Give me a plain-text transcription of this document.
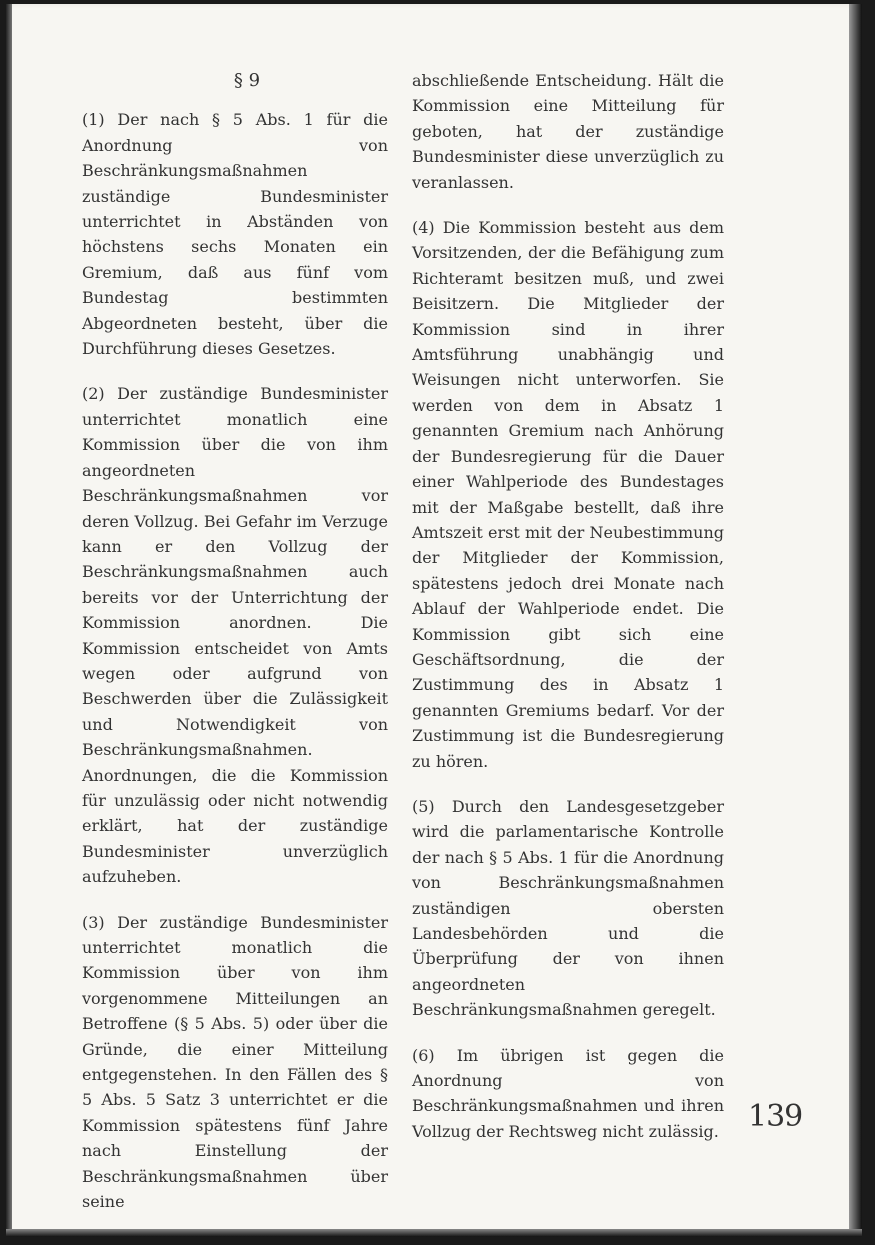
§ 9

(1) Der nach § 5 Abs. 1 für die Anordnung von Beschränkungsmaßnahmen zuständige Bundesminister unterrichtet in Abständen von höchstens sechs Monaten ein Gremium, daß aus fünf vom Bundestag bestimmten Abgeordneten besteht, über die Durchführung dieses Gesetzes.

(2) Der zuständige Bundesminister unterrichtet monatlich eine Kommission über die von ihm angeordneten Beschränkungsmaßnahmen vor deren Vollzug. Bei Gefahr im Verzuge kann er den Vollzug der Beschränkungsmaßnahmen auch bereits vor der Unterrichtung der Kommission anordnen. Die Kommission entscheidet von Amts wegen oder aufgrund von Beschwerden über die Zulässigkeit und Notwendigkeit von Beschränkungsmaßnahmen. Anordnungen, die die Kommission für unzulässig oder nicht notwendig erklärt, hat der zuständige Bundesminister unverzüglich aufzuheben.

(3) Der zuständige Bundesminister unterrichtet monatlich die Kommission über von ihm vorgenommene Mitteilungen an Betroffene (§ 5 Abs. 5) oder über die Gründe, die einer Mitteilung entgegenstehen. In den Fällen des § 5 Abs. 5 Satz 3 unterrichtet er die Kommission spätestens fünf Jahre nach Einstellung der Beschränkungsmaßnahmen über seine

abschließende Entscheidung. Hält die Kommission eine Mitteilung für geboten, hat der zuständige Bundesminister diese unverzüglich zu veranlassen.

(4) Die Kommission besteht aus dem Vorsitzenden, der die Befähigung zum Richteramt besitzen muß, und zwei Beisitzern. Die Mitglieder der Kommission sind in ihrer Amtsführung unabhängig und Weisungen nicht unterworfen. Sie werden von dem in Absatz 1 genannten Gremium nach Anhörung der Bundesregierung für die Dauer einer Wahlperiode des Bundestages mit der Maßgabe bestellt, daß ihre Amtszeit erst mit der Neubestimmung der Mitglieder der Kommission, spätestens jedoch drei Monate nach Ablauf der Wahlperiode endet. Die Kommission gibt sich eine Geschäftsordnung, die der Zustimmung des in Absatz 1 genannten Gremiums bedarf. Vor der Zustimmung ist die Bundesregierung zu hören.

(5) Durch den Landesgesetzgeber wird die parlamentarische Kontrolle der nach § 5 Abs. 1 für die Anordnung von Beschränkungsmaßnahmen zuständigen obersten Landesbehörden und die Überprüfung der von ihnen angeordneten Beschränkungsmaßnahmen geregelt.

(6) Im übrigen ist gegen die Anordnung von Beschränkungsmaßnahmen und ihren Vollzug der Rechtsweg nicht zulässig. 139
